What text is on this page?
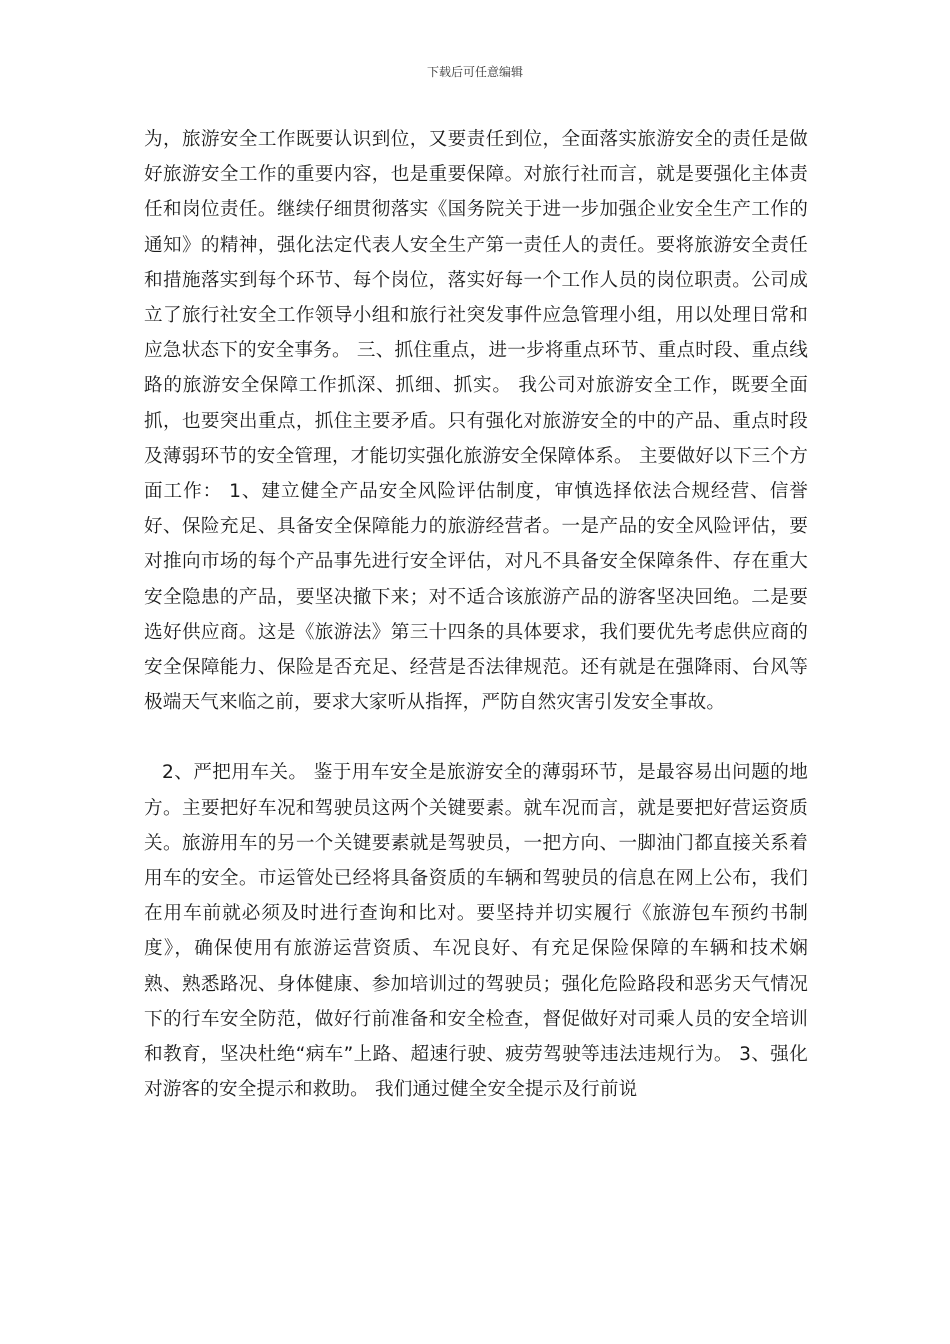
下载后可任意编辑

为，旅游安全工作既要认识到位，又要责任到位，全面落实旅游安全的责任是做好旅游安全工作的重要内容，也是重要保障。对旅行社而言，就是要强化主体责任和岗位责任。继续仔细贯彻落实《国务院关于进一步加强企业安全生产工作的通知》的精神，强化法定代表人安全生产第一责任人的责任。要将旅游安全责任和措施落实到每个环节、每个岗位，落实好每一个工作人员的岗位职责。公司成立了旅行社安全工作领导小组和旅行社突发事件应急管理小组，用以处理日常和应急状态下的安全事务。 三、抓住重点，进一步将重点环节、重点时段、重点线路的旅游安全保障工作抓深、抓细、抓实。 我公司对旅游安全工作，既要全面抓，也要突出重点，抓住主要矛盾。只有强化对旅游安全的中的产品、重点时段及薄弱环节的安全管理，才能切实强化旅游安全保障体系。 主要做好以下三个方面工作： 1、建立健全产品安全风险评估制度，审慎选择依法合规经营、信誉好、保险充足、具备安全保障能力的旅游经营者。一是产品的安全风险评估，要对推向市场的每个产品事先进行安全评估，对凡不具备安全保障条件、存在重大安全隐患的产品，要坚决撤下来；对不适合该旅游产品的游客坚决回绝。二是要选好供应商。这是《旅游法》第三十四条的具体要求，我们要优先考虑供应商的安全保障能力、保险是否充足、经营是否法律规范。还有就是在强降雨、台风等极端天气来临之前，要求大家听从指挥，严防自然灾害引发安全事故。

2、严把用车关。 鉴于用车安全是旅游安全的薄弱环节，是最容易出问题的地方。主要把好车况和驾驶员这两个关键要素。就车况而言，就是要把好营运资质关。旅游用车的另一个关键要素就是驾驶员，一把方向、一脚油门都直接关系着用车的安全。市运管处已经将具备资质的车辆和驾驶员的信息在网上公布，我们在用车前就必须及时进行查询和比对。要坚持并切实履行《旅游包车预约书制度》，确保使用有旅游运营资质、车况良好、有充足保险保障的车辆和技术娴熟、熟悉路况、身体健康、参加培训过的驾驶员；强化危险路段和恶劣天气情况下的行车安全防范，做好行前准备和安全检查，督促做好对司乘人员的安全培训和教育，坚决杜绝“病车”上路、超速行驶、疲劳驾驶等违法违规行为。 3、强化对游客的安全提示和救助。 我们通过健全安全提示及行前说
